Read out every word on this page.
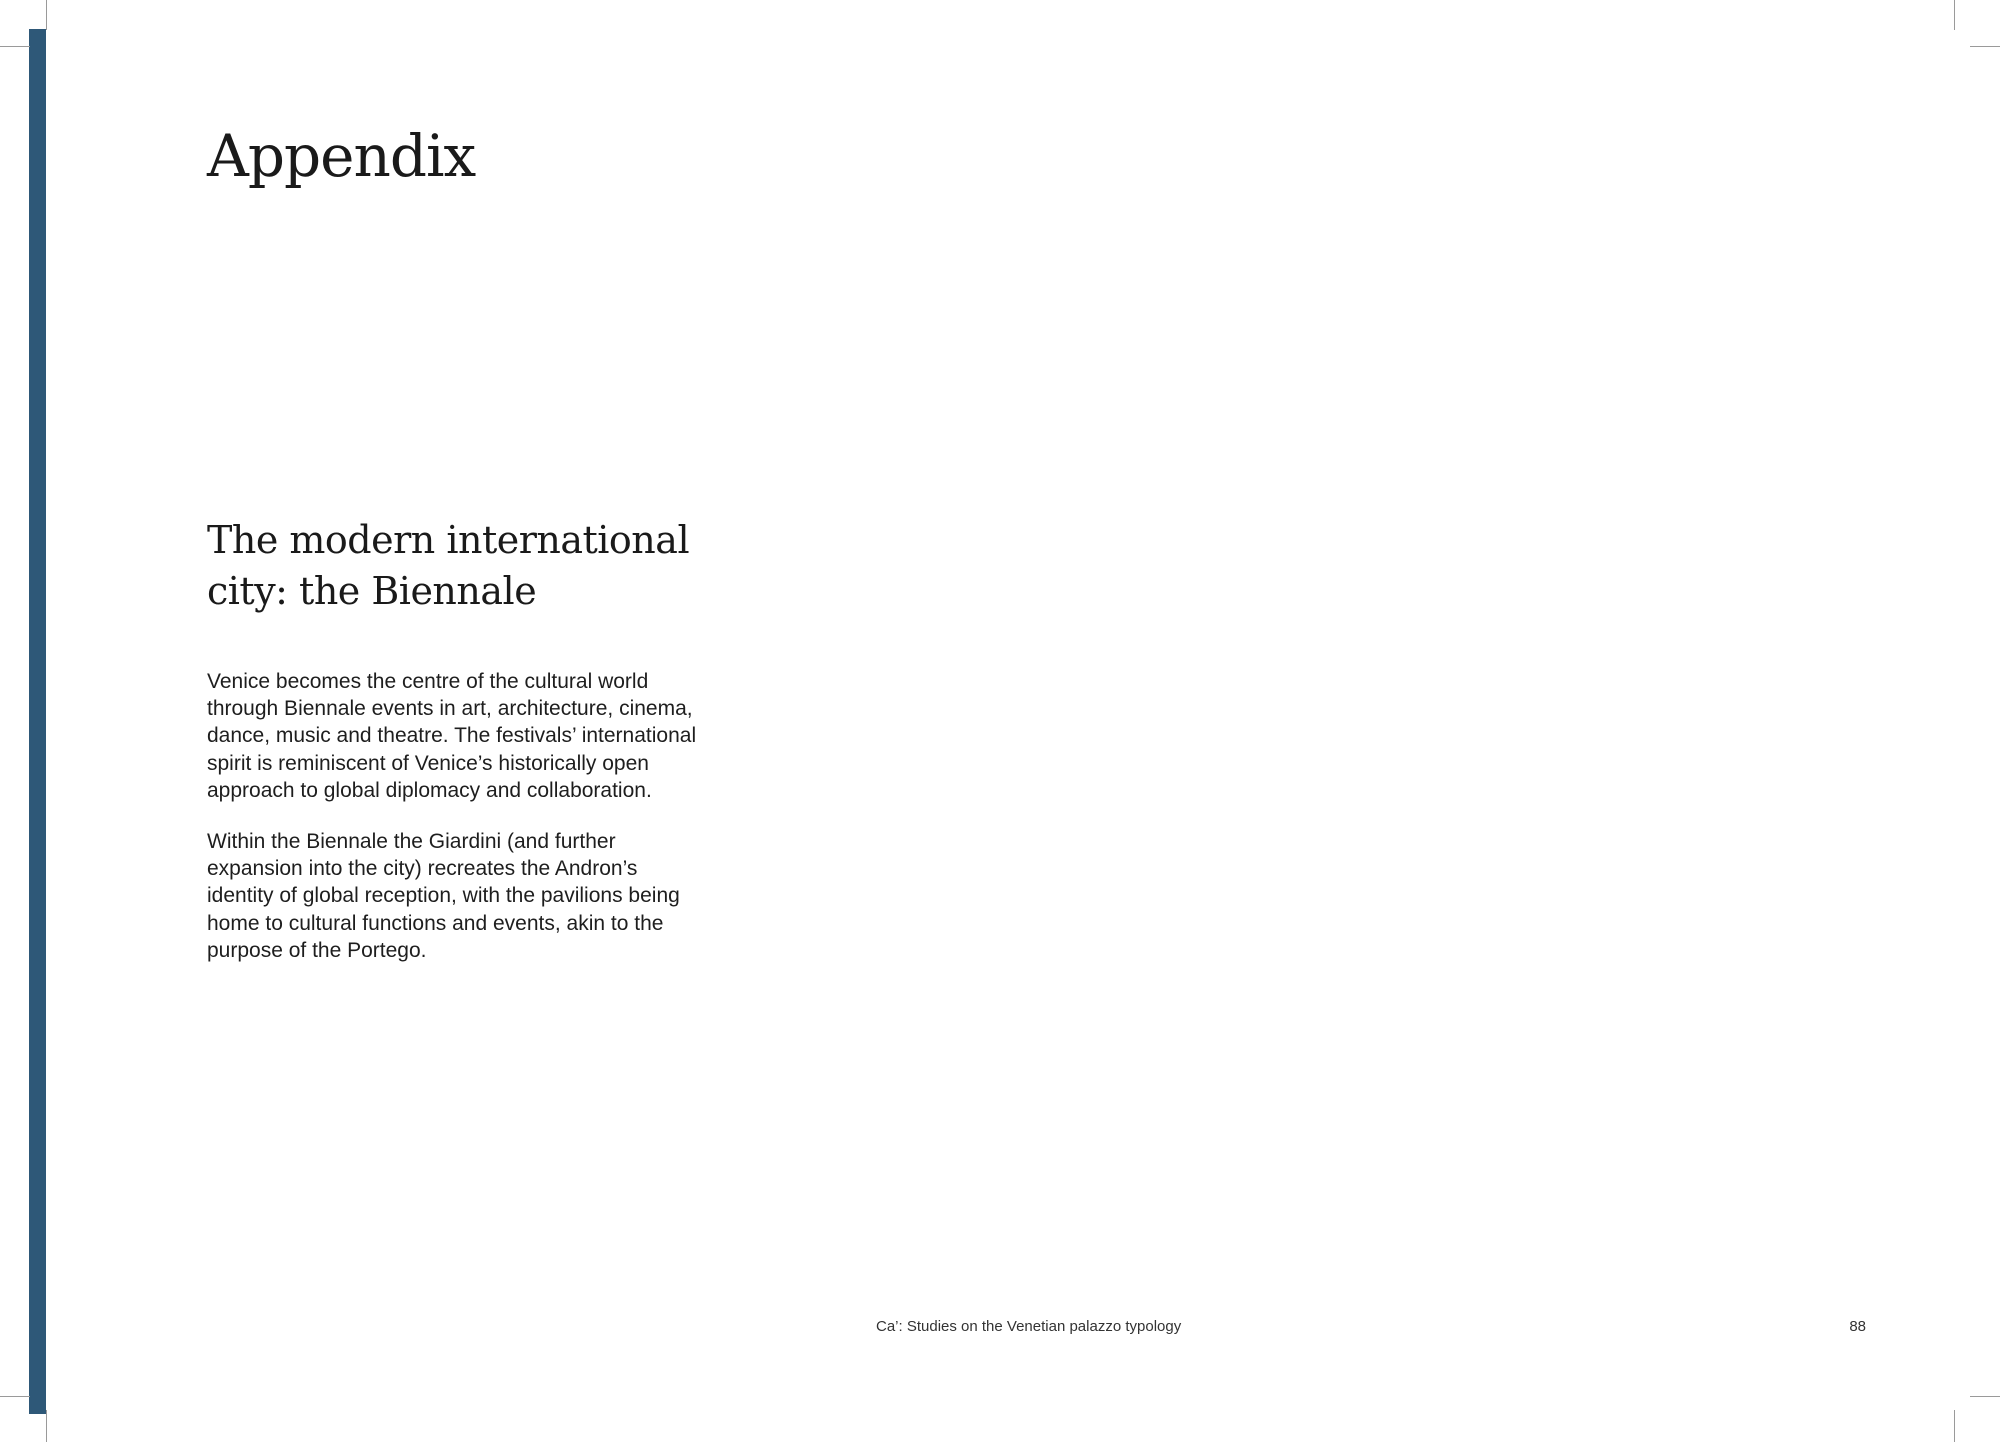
Appendix
The modern international
city: the Biennale
Venice becomes the centre of the cultural world
through Biennale events in art, architecture, cinema,
dance, music and theatre. The festivals’ international
spirit is reminiscent of Venice’s historically open
approach to global diplomacy and collaboration.
Within the Biennale the Giardini (and further
expansion into the city) recreates the Andron’s
identity of global reception, with the pavilions being
home to cultural functions and events, akin to the
purpose of the Portego.
Ca’: Studies on the Venetian palazzo typology	88
